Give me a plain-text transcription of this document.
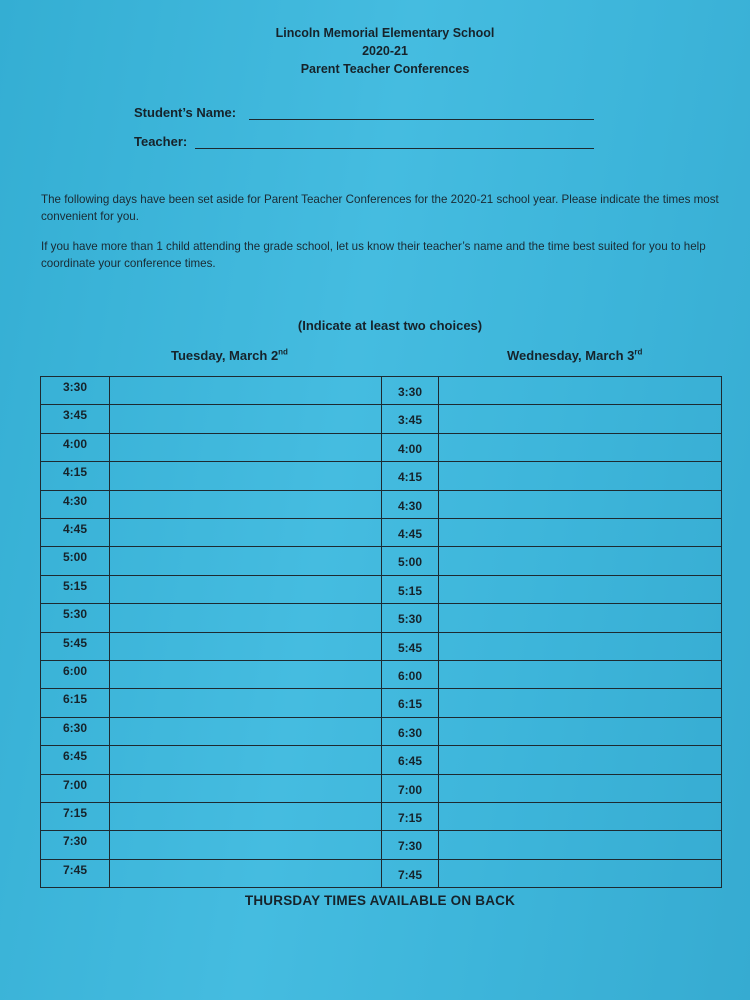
Lincoln Memorial Elementary School
2020-21
Parent Teacher Conferences
Student’s Name:
Teacher:
The following days have been set aside for Parent Teacher Conferences for the 2020-21 school year. Please indicate the times most convenient for you.
If you have more than 1 child attending the grade school, let us know their teacher’s name and the time best suited for you to help coordinate your conference times.
(Indicate at least two choices)
Tuesday, March 2nd	Wednesday, March 3rd
3:30	3:30
3:45	3:45
4:00	4:00
4:15	4:15
4:30	4:30
4:45	4:45
5:00	5:00
5:15	5:15
5:30	5:30
5:45	5:45
6:00	6:00
6:15	6:15
6:30	6:30
6:45	6:45
7:00	7:00
7:15	7:15
7:30	7:30
7:45	7:45
THURSDAY TIMES AVAILABLE ON BACK
